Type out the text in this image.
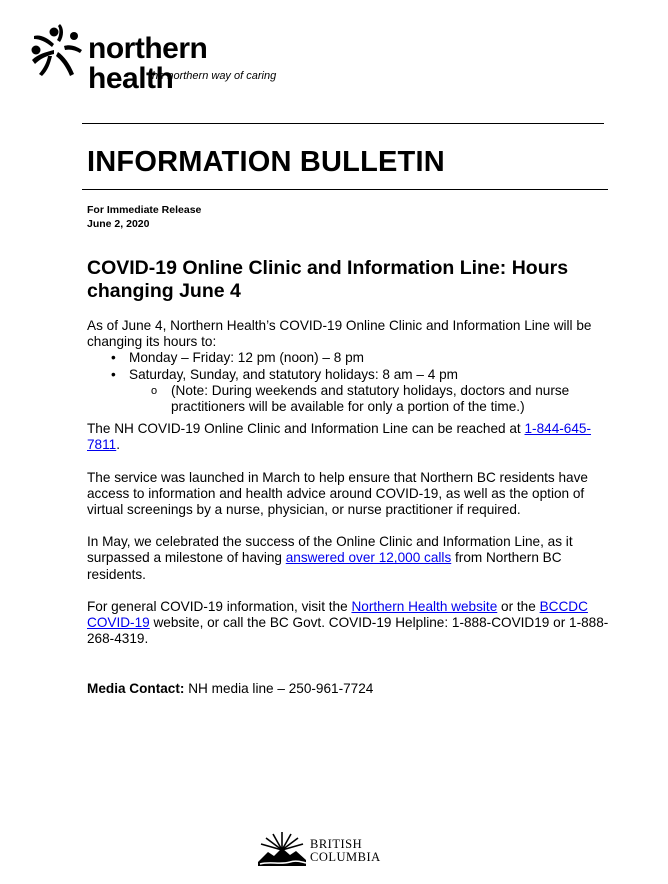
northern health
the northern way of caring
INFORMATION BULLETIN
For Immediate Release
June 2, 2020
COVID-19 Online Clinic and Information Line: Hours changing June 4

As of June 4, Northern Health’s COVID-19 Online Clinic and Information Line will be changing its hours to:

• Monday – Friday: 12 pm (noon) – 8 pm
• Saturday, Sunday, and statutory holidays: 8 am – 4 pm
o (Note: During weekends and statutory holidays, doctors and nurse practitioners will be available for only a portion of the time.)

The NH COVID-19 Online Clinic and Information Line can be reached at 1-844-645-7811.

The service was launched in March to help ensure that Northern BC residents have access to information and health advice around COVID-19, as well as the option of virtual screenings by a nurse, physician, or nurse practitioner if required.

In May, we celebrated the success of the Online Clinic and Information Line, as it surpassed a milestone of having answered over 12,000 calls from Northern BC residents.

For general COVID-19 information, visit the Northern Health website or the BCCDC COVID-19 website, or call the BC Govt. COVID-19 Helpline: 1-888-COVID19 or 1-888-268-4319.

Media Contact: NH media line – 250-961-7724
BRITISH
COLUMBIA
